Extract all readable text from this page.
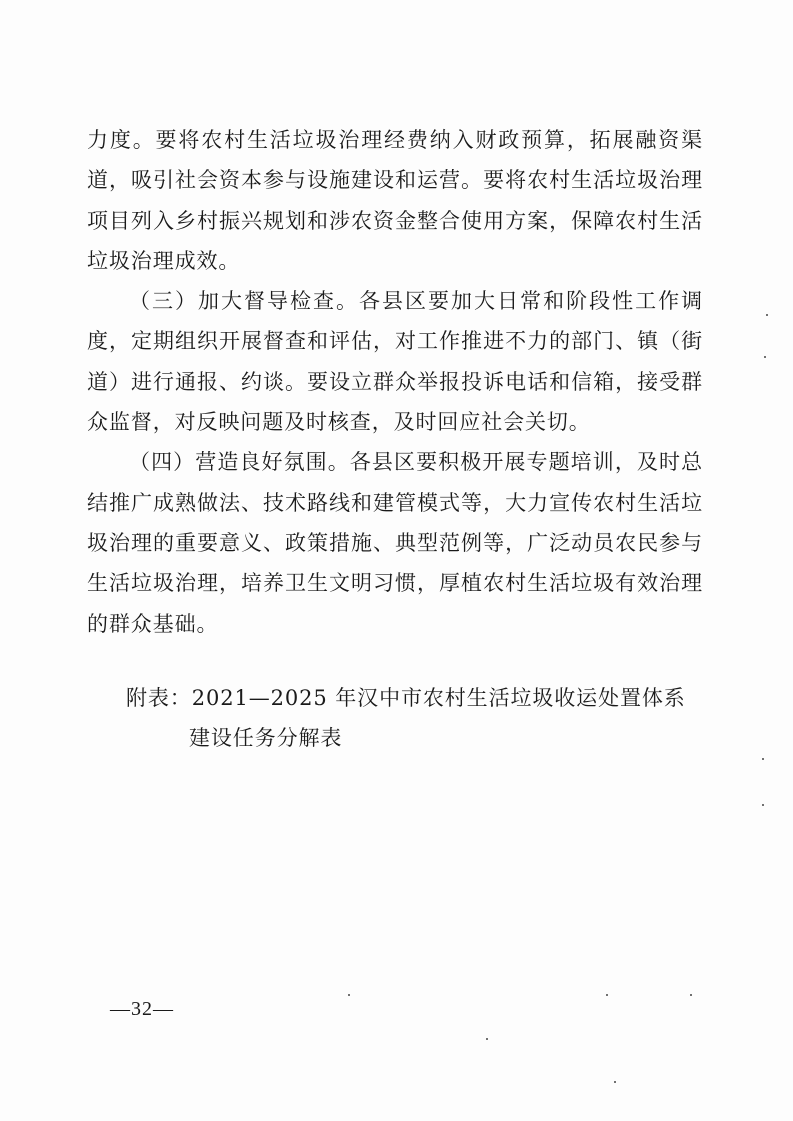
力度。要将农村生活垃圾治理经费纳入财政预算，拓展融资渠道，吸引社会资本参与设施建设和运营。要将农村生活垃圾治理项目列入乡村振兴规划和涉农资金整合使用方案，保障农村生活垃圾治理成效。

（三）加大督导检查。各县区要加大日常和阶段性工作调度，定期组织开展督查和评估，对工作推进不力的部门、镇（街道）进行通报、约谈。要设立群众举报投诉电话和信箱，接受群众监督，对反映问题及时核查，及时回应社会关切。

（四）营造良好氛围。各县区要积极开展专题培训，及时总结推广成熟做法、技术路线和建管模式等，大力宣传农村生活垃圾治理的重要意义、政策措施、典型范例等，广泛动员农民参与生活垃圾治理，培养卫生文明习惯，厚植农村生活垃圾有效治理的群众基础。

附表： 2021—2025 年汉中市农村生活垃圾收运处置体系建设任务分解表
—32—
